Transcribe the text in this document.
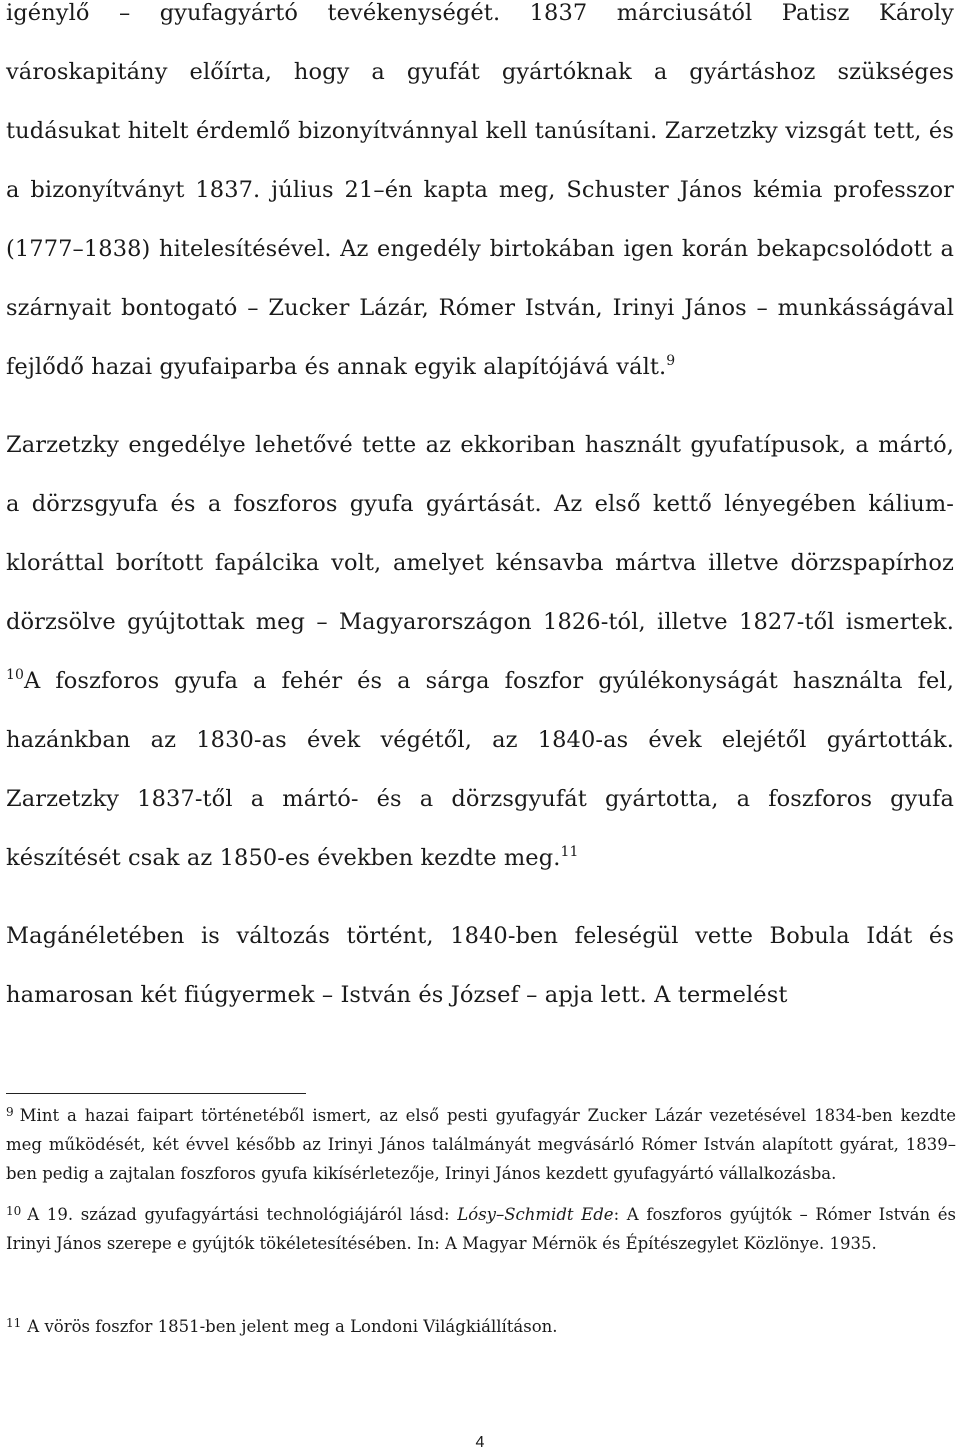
igénylő – gyufagyártó tevékenységét. 1837 márciusától Patisz Károly városkapitány előírta, hogy a gyufát gyártóknak a gyártáshoz szükséges tudásukat hitelt érdemlő bizonyítvánnyal kell tanúsítani. Zarzetzky vizsgát tett, és a bizonyítványt 1837. július 21–én kapta meg, Schuster János kémia professzor (1777–1838) hitelesítésével. Az engedély birtokában igen korán bekapcsolódott a szárnyait bontogató – Zucker Lázár, Rómer István, Irinyi János – munkásságával fejlődő hazai gyufaiparba és annak egyik alapítójává vált.$^9$

Zarzetzky engedélye lehetővé tette az ekkoriban használt gyufatípusok, a mártó, a dörzsgyufa és a foszforos gyufa gyártását. Az első kettő lényegében kálium-kloráttal borított fapálcika volt, amelyet kénsavba mártva illetve dörzspapírhoz dörzsölve gyújtottak meg – Magyarországon 1826-tól, illetve 1827-től ismertek. $^{10}$A foszforos gyufa a fehér és a sárga foszfor gyúlékonyságát használta fel, hazánkban az 1830-as évek végétől, az 1840-as évek elejétől gyártották. Zarzetzky 1837-től a mártó- és a dörzsgyufát gyártotta, a foszforos gyufa készítését csak az 1850-es években kezdte meg.$^{11}$

Magánéletében is változás történt, 1840-ben feleségül vette Bobula Idát és hamarosan két fiúgyermek – István és József – apja lett. A termelést

$^9$ Mint a hazai faipart történetéből ismert, az első pesti gyufagyár Zucker Lázár vezetésével 1834-ben kezdte meg működését, két évvel később az Irinyi János találmányát megvásárló Rómer István alapított gyárat, 1839–ben pedig a zajtalan foszforos gyufa kikísérletezője, Irinyi János kezdett gyufagyártó vállalkozásba.

$^{10}$ A 19. század gyufagyártási technológiájáról lásd: Lósy–Schmidt Ede: A foszforos gyújtók – Rómer István és Irinyi János szerepe e gyújtók tökéletesítésében. In: A Magyar Mérnök és Építészegylet Közlönye. 1935.

$^{11}$ A vörös foszfor 1851-ben jelent meg a Londoni Világkiállításon.

4
